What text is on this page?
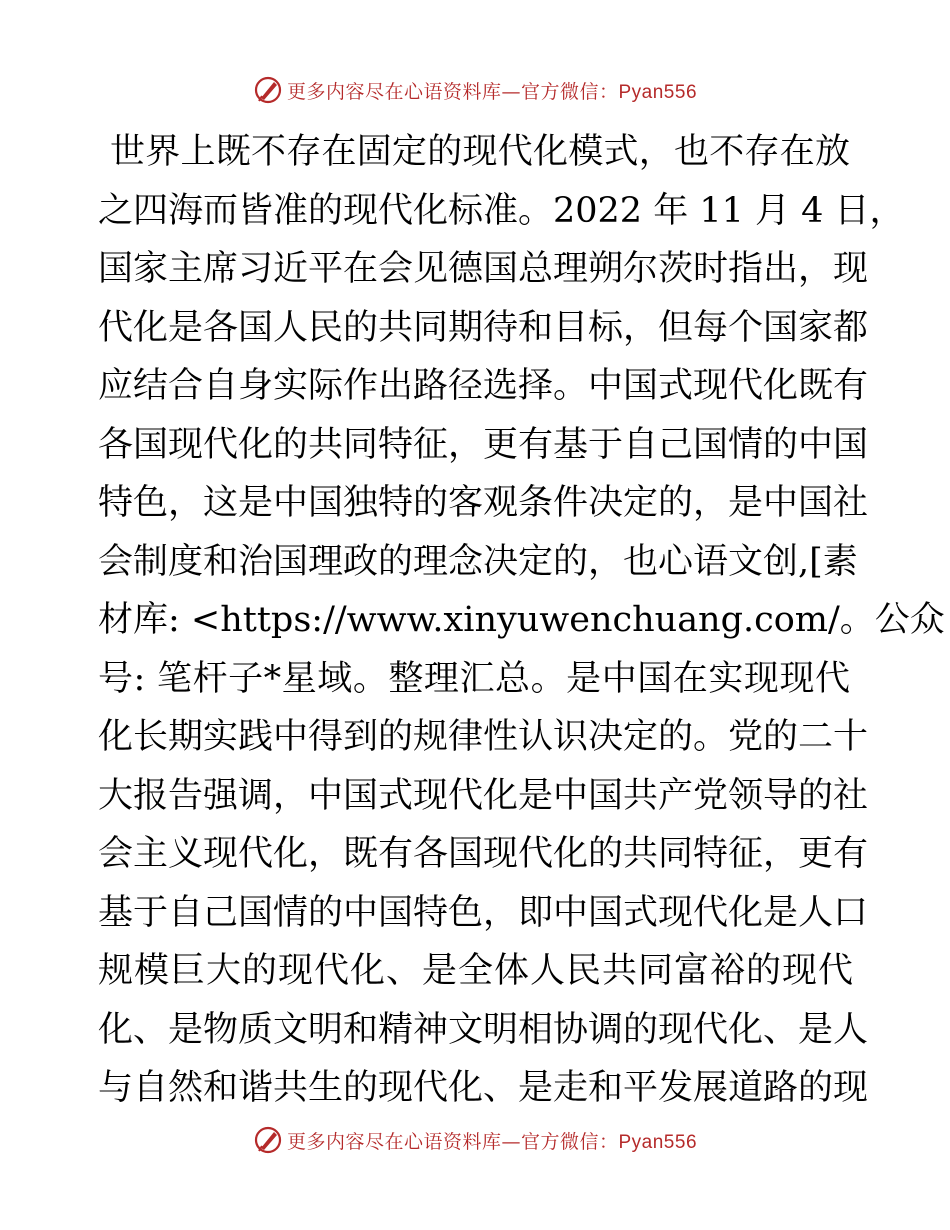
更多内容尽在心语资料库—官方微信：Pyan556
世界上既不存在固定的现代化模式，也不存在放
之四海而皆准的现代化标准。2022 年 11 月 4 日，
国家主席习近平在会见德国总理朔尔茨时指出，现
代化是各国人民的共同期待和目标，但每个国家都
应结合自身实际作出路径选择。中国式现代化既有
各国现代化的共同特征，更有基于自己国情的中国
特色，这是中国独特的客观条件决定的，是中国社
会制度和治国理政的理念决定的，也心语文创,[素
材库: <https://www.xinyuwenchuang.com/。公众
号: 笔杆子*星域。整理汇总。是中国在实现现代
化长期实践中得到的规律性认识决定的。党的二十
大报告强调，中国式现代化是中国共产党领导的社
会主义现代化，既有各国现代化的共同特征，更有
基于自己国情的中国特色，即中国式现代化是人口
规模巨大的现代化、是全体人民共同富裕的现代
化、是物质文明和精神文明相协调的现代化、是人
与自然和谐共生的现代化、是走和平发展道路的现
更多内容尽在心语资料库—官方微信：Pyan556
